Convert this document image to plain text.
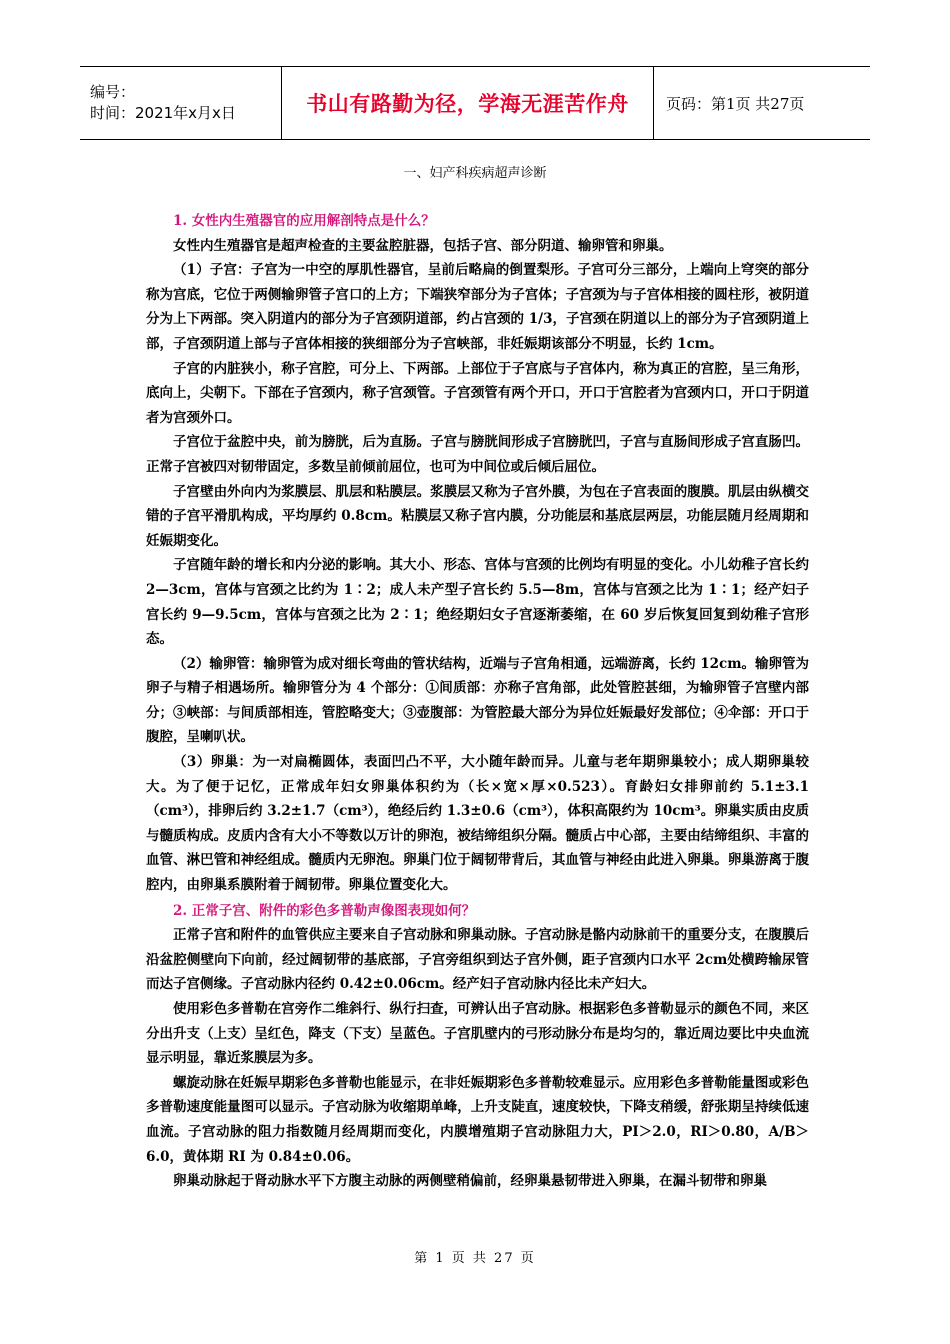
编号：
时间：2021年x月x日	书山有路勤为径，学海无涯苦作舟 页码：第1页 共27页
一、妇产科疾病超声诊断

1. 女性内生殖器官的应用解剖特点是什么？

女性内生殖器官是超声检查的主要盆腔脏器，包括子宫、部分阴道、输卵管和卵巢。

（1）子宫：子宫为一中空的厚肌性器官，呈前后略扁的倒置梨形。子宫可分三部分，上端向上穹突的部分称为宫底，它位于两侧输卵管子宫口的上方；下端狭窄部分为子宫体；子宫颈为与子宫体相接的圆柱形，被阴道分为上下两部。突入阴道内的部分为子宫颈阴道部，约占宫颈的 1/3，子宫颈在阴道以上的部分为子宫颈阴道上部，子宫颈阴道上部与子宫体相接的狭细部分为子宫峡部，非妊娠期该部分不明显，长约 1cm。

子宫的内脏狭小，称子宫腔，可分上、下两部。上部位于子宫底与子宫体内，称为真正的宫腔，呈三角形，底向上，尖朝下。下部在子宫颈内，称子宫颈管。子宫颈管有两个开口，开口于宫腔者为宫颈内口，开口于阴道者为宫颈外口。

子宫位于盆腔中央，前为膀胱，后为直肠。子宫与膀胱间形成子宫膀胱凹，子宫与直肠间形成子宫直肠凹。正常子宫被四对韧带固定，多数呈前倾前屈位，也可为中间位或后倾后屈位。

子宫壁由外向内为浆膜层、肌层和粘膜层。浆膜层又称为子宫外膜，为包在子宫表面的腹膜。肌层由纵横交错的子宫平滑肌构成，平均厚约 0.8cm。粘膜层又称子宫内膜，分功能层和基底层两层，功能层随月经周期和妊娠期变化。

子宫随年龄的增长和内分泌的影响。其大小、形态、宫体与宫颈的比例均有明显的变化。小儿幼稚子宫长约 2—3cm，宫体与宫颈之比约为 1∶2；成人未产型子宫长约 5.5—8m，宫体与宫颈之比为 1∶1；经产妇子宫长约 9—9.5cm，宫体与宫颈之比为 2∶1；绝经期妇女子宫逐渐萎缩，在 60 岁后恢复回复到幼稚子宫形态。

（2）输卵管：输卵管为成对细长弯曲的管状结构，近端与子宫角相通，远端游离，长约 12cm。输卵管为卵子与精子相遇场所。输卵管分为 4 个部分：①间质部：亦称子宫角部，此处管腔甚细，为输卵管子宫壁内部分；③峡部：与间质部相连，管腔略变大；③壶腹部：为管腔最大部分为异位妊娠最好发部位；④伞部：开口于腹腔，呈喇叭状。

（3）卵巢：为一对扁椭圆体，表面凹凸不平，大小随年龄而异。儿童与老年期卵巢较小；成人期卵巢较大。为了便于记忆，正常成年妇女卵巢体积约为（长×宽×厚×0.523）。育龄妇女排卵前约 5.1±3.1（cm³），排卵后约 3.2±1.7（cm³），绝经后约 1.3±0.6（cm³），体积高限约为 10cm³。卵巢实质由皮质与髓质构成。皮质内含有大小不等数以万计的卵泡，被结缔组织分隔。髓质占中心部，主要由结缔组织、丰富的血管、淋巴管和神经组成。髓质内无卵泡。卵巢门位于阔韧带背后，其血管与神经由此进入卵巢。卵巢游离于腹腔内，由卵巢系膜附着于阔韧带。卵巢位置变化大。

2. 正常子宫、附件的彩色多普勒声像图表现如何？

正常子宫和附件的血管供应主要来自子宫动脉和卵巢动脉。子宫动脉是骼内动脉前干的重要分支，在腹膜后沿盆腔侧壁向下向前，经过阔韧带的基底部，子宫旁组织到达子宫外侧，距子宫颈内口水平 2cm处横跨输尿管而达子宫侧缘。子宫动脉内径约 0.42±0.06cm。经产妇子宫动脉内径比未产妇大。

使用彩色多普勒在宫旁作二维斜行、纵行扫查，可辨认出子宫动脉。根据彩色多普勒显示的颜色不同，来区分出升支（上支）呈红色，降支（下支）呈蓝色。子宫肌壁内的弓形动脉分布是均匀的，靠近周边要比中央血流显示明显，靠近浆膜层为多。

螺旋动脉在妊娠早期彩色多普勒也能显示，在非妊娠期彩色多普勒较难显示。应用彩色多普勒能量图或彩色多普勒速度能量图可以显示。子宫动脉为收缩期单峰，上升支陡直，速度较快，下降支稍缓，舒张期呈持续低速血流。子宫动脉的阻力指数随月经周期而变化，内膜增殖期子宫动脉阻力大，PI＞2.0，RI＞0.80，A/B＞6.0，黄体期 RI 为 0.84±0.06。

卵巢动脉起于肾动脉水平下方腹主动脉的两侧壁稍偏前，经卵巢悬韧带进入卵巢，在漏斗韧带和卵巢

第 1 页 共 27 页
